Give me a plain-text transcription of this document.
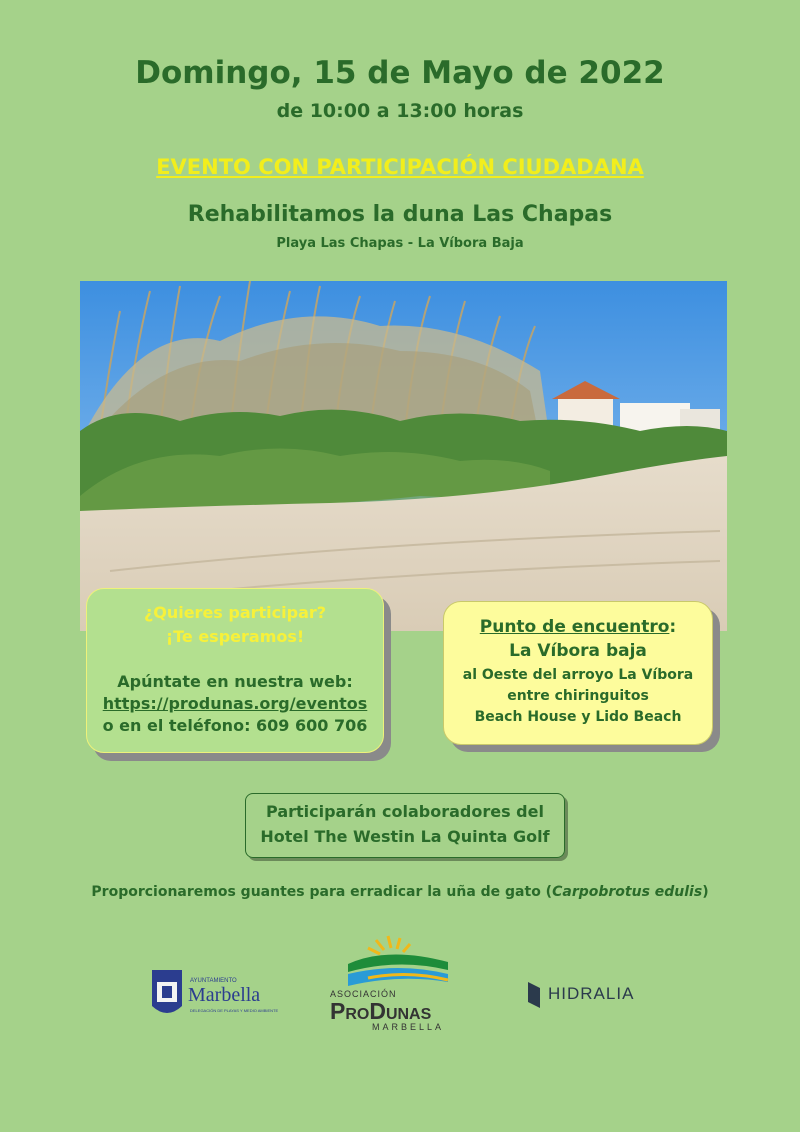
Domingo, 15 de Mayo de 2022
de 10:00 a 13:00 horas
EVENTO CON PARTICIPACIÓN CIUDADANA
Rehabilitamos la duna Las Chapas
Playa Las Chapas - La Víbora Baja
¿Quieres participar?
¡Te esperamos!
Apúntate en nuestra web:
https://produnas.org/eventos
o en el teléfono: 609 600 706
Punto de encuentro:
La Víbora baja
al Oeste del arroyo La Víbora
entre chiringuitos
Beach House y Lido Beach
Participarán colaboradores del
Hotel The Westin La Quinta Golf
Proporcionaremos guantes para erradicar la uña de gato (Carpobrotus edulis)
AYUNTAMIENTO
Marbella
DELEGACIÓN DE PLAYAS Y MEDIO AMBIENTE
ASOCIACIÓN
ProDunas
MARBELLA
HIDRALIA
